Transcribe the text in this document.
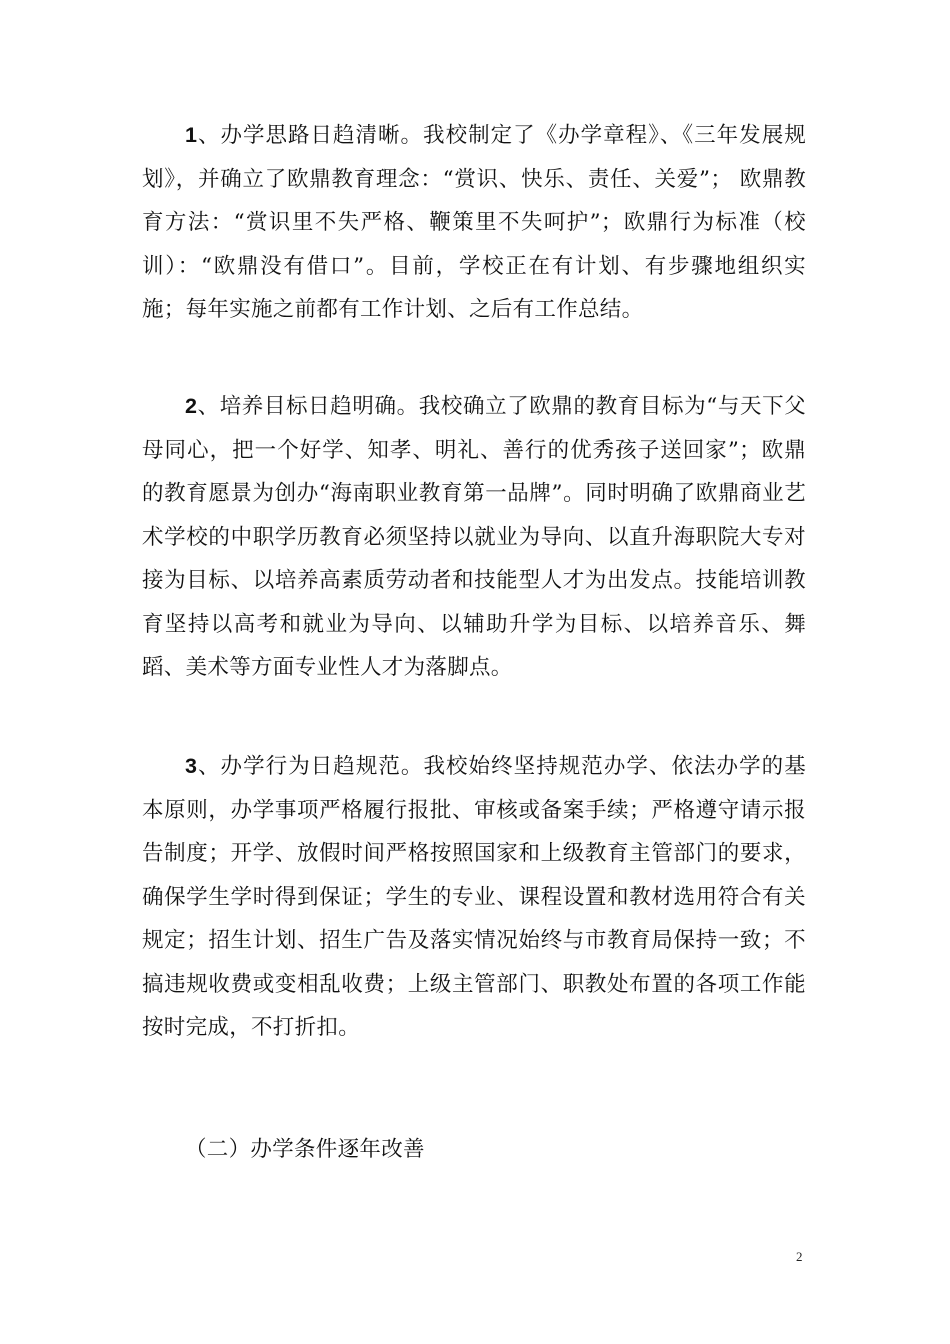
1、办学思路日趋清晰。我校制定了《办学章程》、《三年发展规划》，并确立了欧鼎教育理念：“赏识、快乐、责任、关爱”； 欧鼎教育方法：“赏识里不失严格、鞭策里不失呵护”；欧鼎行为标准（校训）：“欧鼎没有借口”。目前，学校正在有计划、有步骤地组织实施；每年实施之前都有工作计划、之后有工作总结。

2、培养目标日趋明确。我校确立了欧鼎的教育目标为“与天下父母同心，把一个好学、知孝、明礼、善行的优秀孩子送回家”；欧鼎的教育愿景为创办“海南职业教育第一品牌”。同时明确了欧鼎商业艺术学校的中职学历教育必须坚持以就业为导向、以直升海职院大专对接为目标、以培养高素质劳动者和技能型人才为出发点。技能培训教育坚持以高考和就业为导向、以辅助升学为目标、以培养音乐、舞蹈、美术等方面专业性人才为落脚点。

3、办学行为日趋规范。我校始终坚持规范办学、依法办学的基本原则，办学事项严格履行报批、审核或备案手续；严格遵守请示报告制度；开学、放假时间严格按照国家和上级教育主管部门的要求，确保学生学时得到保证；学生的专业、课程设置和教材选用符合有关规定；招生计划、招生广告及落实情况始终与市教育局保持一致；不搞违规收费或变相乱收费；上级主管部门、职教处布置的各项工作能按时完成，不打折扣。

（二）办学条件逐年改善

2
